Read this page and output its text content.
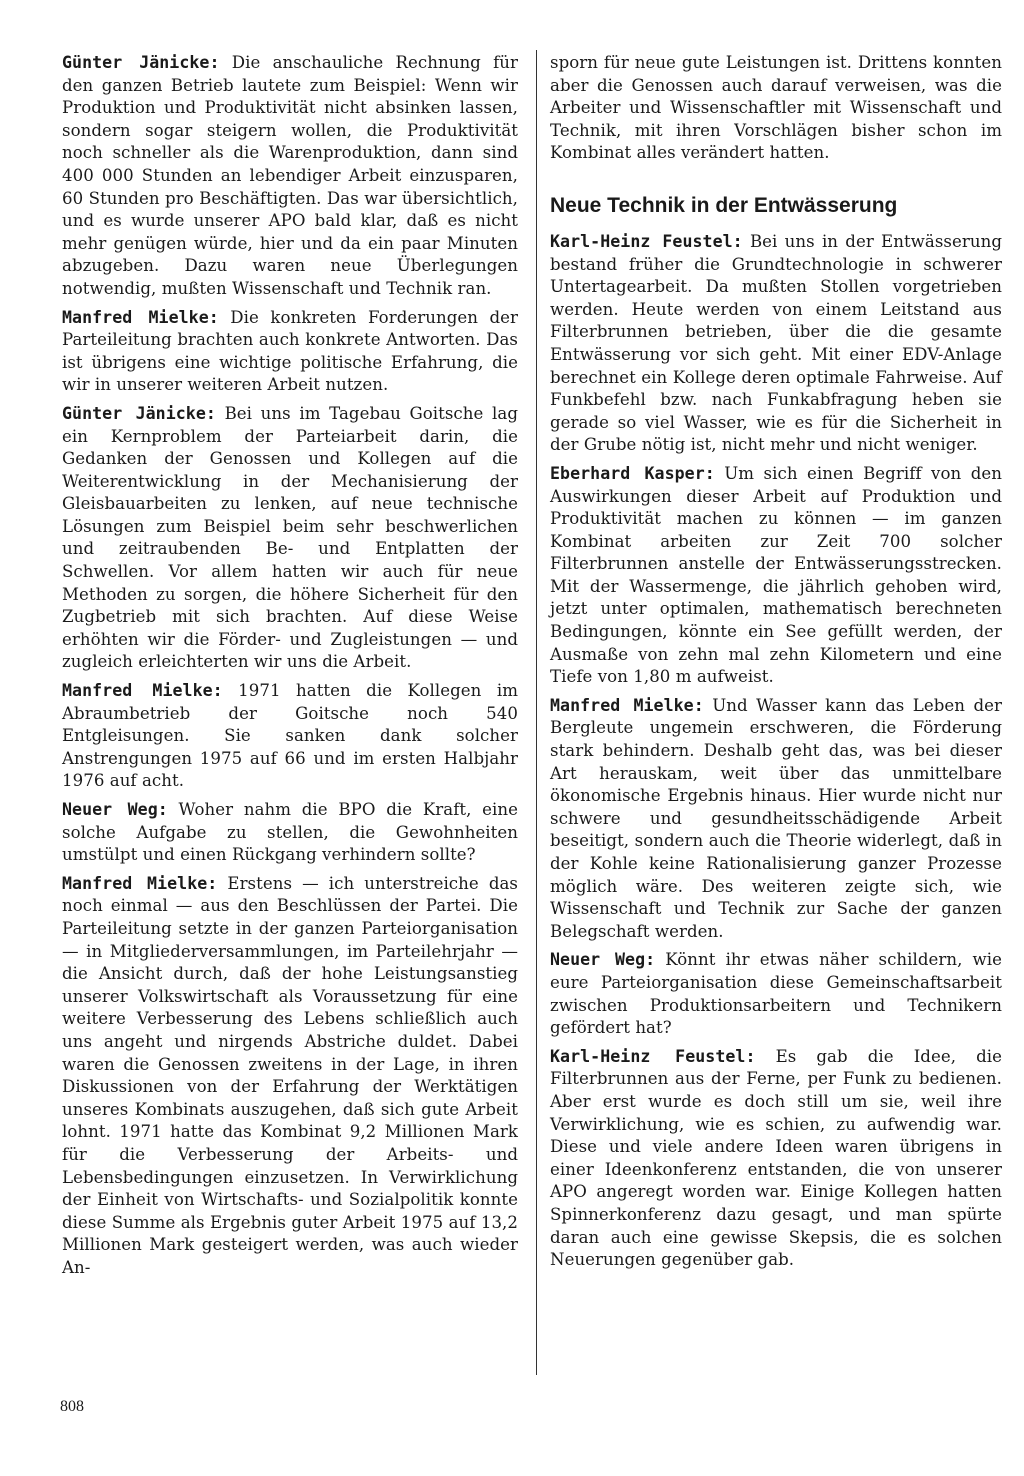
Günter Jänicke: Die anschauliche Rechnung für den ganzen Betrieb lautete zum Beispiel: Wenn wir Produktion und Produktivität nicht absinken lassen, sondern sogar steigern wollen, die Produktivität noch schneller als die Warenproduktion, dann sind 400 000 Stunden an lebendiger Arbeit einzusparen, 60 Stunden pro Beschäftigten. Das war übersichtlich, und es wurde unserer APO bald klar, daß es nicht mehr genügen würde, hier und da ein paar Minuten abzugeben. Dazu waren neue Überlegungen notwendig, mußten Wissenschaft und Technik ran.

Manfred Mielke: Die konkreten Forderungen der Parteileitung brachten auch konkrete Antworten. Das ist übrigens eine wichtige politische Erfahrung, die wir in unserer weiteren Arbeit nutzen.

Günter Jänicke: Bei uns im Tagebau Goitsche lag ein Kernproblem der Parteiarbeit darin, die Gedanken der Genossen und Kollegen auf die Weiterentwicklung in der Mechanisierung der Gleisbauarbeiten zu lenken, auf neue technische Lösungen zum Beispiel beim sehr beschwerlichen und zeitraubenden Be- und Entplatten der Schwellen. Vor allem hatten wir auch für neue Methoden zu sorgen, die höhere Sicherheit für den Zugbetrieb mit sich brachten. Auf diese Weise erhöhten wir die Förder- und Zugleistungen — und zugleich erleichterten wir uns die Arbeit.

Manfred Mielke: 1971 hatten die Kollegen im Abraumbetrieb der Goitsche noch 540 Entgleisungen. Sie sanken dank solcher Anstrengungen 1975 auf 66 und im ersten Halbjahr 1976 auf acht.

Neuer Weg: Woher nahm die BPO die Kraft, eine solche Aufgabe zu stellen, die Gewohnheiten umstülpt und einen Rückgang verhindern sollte?

Manfred Mielke: Erstens — ich unterstreiche das noch einmal — aus den Beschlüssen der Partei. Die Parteileitung setzte in der ganzen Parteiorganisation — in Mitgliederversammlungen, im Parteilehrjahr — die Ansicht durch, daß der hohe Leistungsanstieg unserer Volkswirtschaft als Voraussetzung für eine weitere Verbesserung des Lebens schließlich auch uns angeht und nirgends Abstriche duldet. Dabei waren die Genossen zweitens in der Lage, in ihren Diskussionen von der Erfahrung der Werktätigen unseres Kombinats auszugehen, daß sich gute Arbeit lohnt. 1971 hatte das Kombinat 9,2 Millionen Mark für die Verbesserung der Arbeits- und Lebensbedingungen einzusetzen. In Verwirklichung der Einheit von Wirtschafts- und Sozialpolitik konnte diese Summe als Ergebnis guter Arbeit 1975 auf 13,2 Millionen Mark gesteigert werden, was auch wieder An-

sporn für neue gute Leistungen ist. Drittens konnten aber die Genossen auch darauf verweisen, was die Arbeiter und Wissenschaftler mit Wissenschaft und Technik, mit ihren Vorschlägen bisher schon im Kombinat alles verändert hatten.

Neue Technik in der Entwässerung

Karl-Heinz Feustel: Bei uns in der Entwässerung bestand früher die Grundtechnologie in schwerer Untertagearbeit. Da mußten Stollen vorgetrieben werden. Heute werden von einem Leitstand aus Filterbrunnen betrieben, über die die gesamte Entwässerung vor sich geht. Mit einer EDV-Anlage berechnet ein Kollege deren optimale Fahrweise. Auf Funkbefehl bzw. nach Funkabfragung heben sie gerade so viel Wasser, wie es für die Sicherheit in der Grube nötig ist, nicht mehr und nicht weniger.

Eberhard Kasper: Um sich einen Begriff von den Auswirkungen dieser Arbeit auf Produktion und Produktivität machen zu können — im ganzen Kombinat arbeiten zur Zeit 700 solcher Filterbrunnen anstelle der Entwässerungsstrecken. Mit der Wassermenge, die jährlich gehoben wird, jetzt unter optimalen, mathematisch berechneten Bedingungen, könnte ein See gefüllt werden, der Ausmaße von zehn mal zehn Kilometern und eine Tiefe von 1,80 m aufweist.

Manfred Mielke: Und Wasser kann das Leben der Bergleute ungemein erschweren, die Förderung stark behindern. Deshalb geht das, was bei dieser Art herauskam, weit über das unmittelbare ökonomische Ergebnis hinaus. Hier wurde nicht nur schwere und gesundheitsschädigende Arbeit beseitigt, sondern auch die Theorie widerlegt, daß in der Kohle keine Rationalisierung ganzer Prozesse möglich wäre. Des weiteren zeigte sich, wie Wissenschaft und Technik zur Sache der ganzen Belegschaft werden.

Neuer Weg: Könnt ihr etwas näher schildern, wie eure Parteiorganisation diese Gemeinschaftsarbeit zwischen Produktionsarbeitern und Technikern gefördert hat?

Karl-Heinz Feustel: Es gab die Idee, die Filterbrunnen aus der Ferne, per Funk zu bedienen. Aber erst wurde es doch still um sie, weil ihre Verwirklichung, wie es schien, zu aufwendig war. Diese und viele andere Ideen waren übrigens in einer Ideenkonferenz entstanden, die von unserer APO angeregt worden war. Einige Kollegen hatten Spinnerkonferenz dazu gesagt, und man spürte daran auch eine gewisse Skepsis, die es solchen Neuerungen gegenüber gab.

808
